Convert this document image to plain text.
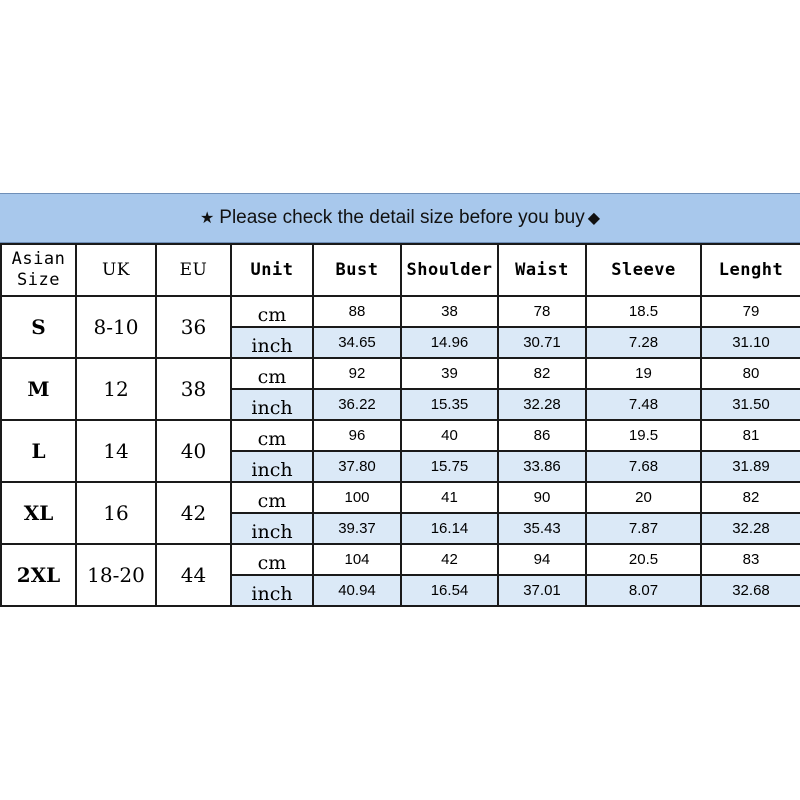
★ Please check the detail size before you buy ◆
Asian
Size	UK	EU	Unit	Bust	Shoulder	Waist	Sleeve	Lenght
S	8-10	36	cm	88	38	78	18.5	79
			inch	34.65	14.96	30.71	7.28	31.10
M	12	38	cm	92	39	82	19	80
			inch	36.22	15.35	32.28	7.48	31.50
L	14	40	cm	96	40	86	19.5	81
			inch	37.80	15.75	33.86	7.68	31.89
XL	16	42	cm	100	41	90	20	82
			inch	39.37	16.14	35.43	7.87	32.28
2XL	18-20	44	cm	104	42	94	20.5	83
			inch	40.94	16.54	37.01	8.07	32.68
